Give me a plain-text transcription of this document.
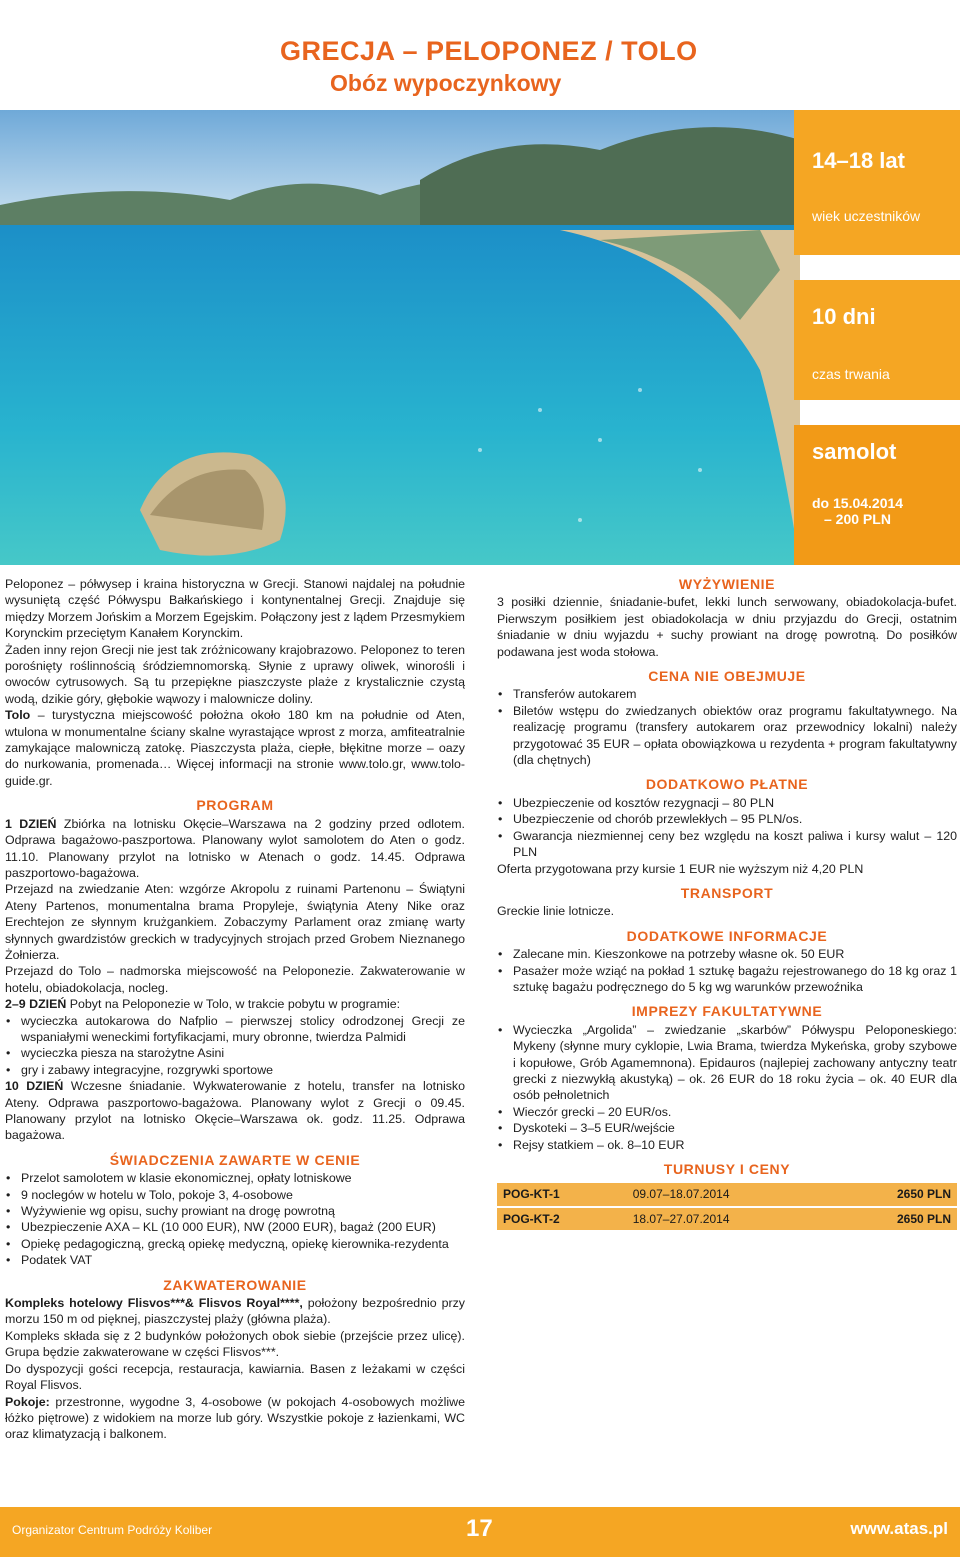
GRECJA – PELOPONEZ / TOLO
Obóz wypoczynkowy
14–18 lat
wiek uczestników
10 dni
czas trwania
samolot
do 15.04.2014
– 200 PLN

Peloponez – półwysep i kraina historyczna w Grecji. Stanowi najdalej na południe wysuniętą część Półwyspu Bałkańskiego i kontynentalnej Grecji. Znajduje się między Morzem Jońskim a Morzem Egejskim. Połączony jest z lądem Przesmykiem Korynckim przeciętym Kanałem Korynckim.

Żaden inny rejon Grecji nie jest tak zróżnicowany krajobrazowo. Peloponez to teren porośnięty roślinnością śródziemnomorską. Słynie z uprawy oliwek, winorośli i owoców cytrusowych. Są tu przepiękne piaszczyste plaże z krystalicznie czystą wodą, dzikie góry, głębokie wąwozy i malownicze doliny.

Tolo – turystyczna miejscowość położna około 180 km na południe od Aten, wtulona w monumentalne ściany skalne wyrastające wprost z morza, amfiteatralnie zamykające malowniczą zatokę. Piaszczysta plaża, ciepłe, błękitne morze – oazy do nurkowania, promenada… Więcej informacji na stronie www.tolo.gr, www.tolo-guide.gr.

PROGRAM

1 DZIEŃ Zbiórka na lotnisku Okęcie–Warszawa na 2 godziny przed odlotem. Odprawa bagażowo-paszportowa. Planowany wylot samolotem do Aten o godz. 11.10. Planowany przylot na lotnisko w Atenach o godz. 14.45. Odprawa paszportowo-bagażowa.

Przejazd na zwiedzanie Aten: wzgórze Akropolu z ruinami Partenonu – Świątyni Ateny Partenos, monumentalna brama Propyleje, świątynia Ateny Nike oraz Erechtejon ze słynnym krużgankiem. Zobaczymy Parlament oraz zmianę warty słynnych gwardzistów greckich w tradycyjnych strojach przed Grobem Nieznanego Żołnierza.

Przejazd do Tolo – nadmorska miejscowość na Peloponezie. Zakwaterowanie w hotelu, obiadokolacja, nocleg.

2–9 DZIEŃ Pobyt na Peloponezie w Tolo, w trakcie pobytu w programie:

• wycieczka autokarowa do Nafplio – pierwszej stolicy odrodzonej Grecji ze wspaniałymi weneckimi fortyfikacjami, mury obronne, twierdza Palmidi
• wycieczka piesza na starożytne Asini
• gry i zabawy integracyjne, rozgrywki sportowe

10 DZIEŃ Wczesne śniadanie. Wykwaterowanie z hotelu, transfer na lotnisko Ateny. Odprawa paszportowo-bagażowa. Planowany wylot z Grecji o 09.45. Planowany przylot na lotnisko Okęcie–Warszawa ok. godz. 11.25. Odprawa bagażowa.

ŚWIADCZENIA ZAWARTE W CENIE
• Przelot samolotem w klasie ekonomicznej, opłaty lotniskowe
• 9 noclegów w hotelu w Tolo, pokoje 3, 4-osobowe
• Wyżywienie wg opisu, suchy prowiant na drogę powrotną
• Ubezpieczenie AXA – KL (10 000 EUR), NW (2000 EUR), bagaż (200 EUR)
• Opiekę pedagogiczną, grecką opiekę medyczną, opiekę kierownika-rezydenta
• Podatek VAT
ZAKWATEROWANIE

Kompleks hotelowy Flisvos***& Flisvos Royal****, położony bezpośrednio przy morzu 150 m od pięknej, piaszczystej plaży (główna plaża).

Kompleks składa się z 2 budynków położonych obok siebie (przejście przez ulicę). Grupa będzie zakwaterowane w części Flisvos***.

Do dyspozycji gości recepcja, restauracja, kawiarnia. Basen z leżakami w części Royal Flisvos.

Pokoje: przestronne, wygodne 3, 4-osobowe (w pokojach 4-osobowych możliwe łóżko piętrowe) z widokiem na morze lub góry. Wszystkie pokoje z łazienkami, WC oraz klimatyzacją i balkonem.

WYŻYWIENIE

3 posiłki dziennie, śniadanie-bufet, lekki lunch serwowany, obiadokolacja-bufet. Pierwszym posiłkiem jest obiadokolacja w dniu przyjazdu do Grecji, ostatnim śniadanie w dniu wyjazdu + suchy prowiant na drogę powrotną. Do posiłków podawana jest woda stołowa.

CENA NIE OBEJMUJE
• Transferów autokarem
• Biletów wstępu do zwiedzanych obiektów oraz programu fakultatywnego. Na realizację programu (transfery autokarem oraz przewodnicy lokalni) należy przygotować 35 EUR – opłata obowiązkowa u rezydenta + program fakultatywny (dla chętnych)
DODATKOWO PŁATNE
• Ubezpieczenie od kosztów rezygnacji – 80 PLN
• Ubezpieczenie od chorób przewlekłych – 95 PLN/os.
• Gwarancja niezmiennej ceny bez względu na koszt paliwa i kursy walut – 120 PLN

Oferta przygotowana przy kursie 1 EUR nie wyższym niż 4,20 PLN

TRANSPORT

Greckie linie lotnicze.

DODATKOWE INFORMACJE
• Zalecane min. Kieszonkowe na potrzeby własne ok. 50 EUR
• Pasażer może wziąć na pokład 1 sztukę bagażu rejestrowanego do 18 kg oraz 1 sztukę bagażu podręcznego do 5 kg wg warunków przewoźnika
IMPREZY FAKULTATYWNE
• Wycieczka „Argolida” – zwiedzanie „skarbów” Półwyspu Peloponeskiego: Mykeny (słynne mury cyklopie, Lwia Brama, twierdza Mykeńska, groby szybowe i kopułowe, Grób Agamemnona). Epidauros (najlepiej zachowany antyczny teatr grecki z niezwykłą akustyką) – ok. 26 EUR do 18 roku życia – ok. 40 EUR dla osób pełnoletnich
• Wieczór grecki – 20 EUR/os.
• Dyskoteki – 3–5 EUR/wejście
• Rejsy statkiem – ok. 8–10 EUR
TURNUSY I CENY
POG-KT-1	09.07–18.07.2014	2650 PLN
POG-KT-2	18.07–27.07.2014	2650 PLN
Organizator Centrum Podróży Koliber	17	www.atas.pl
